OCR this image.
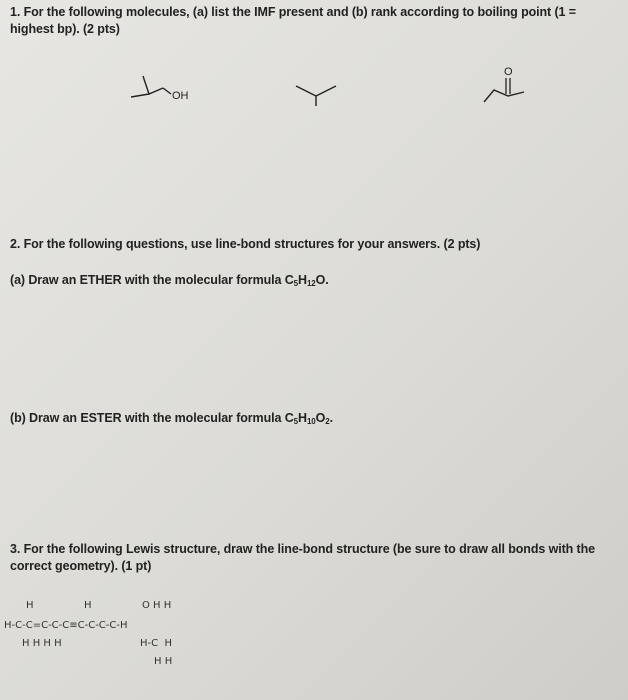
1. For the following molecules, (a) list the IMF present and (b) rank according to boiling point (1 = highest bp). (2 pts)
OH
O
2. For the following questions, use line-bond structures for your answers. (2 pts)
(a) Draw an ETHER with the molecular formula $C_5H_{12}O$.
(b) Draw an ESTER with the molecular formula $C_5H_{10}O_2$.
3. For the following Lewis structure, draw the line-bond structure (be sure to draw all bonds with the correct geometry). (1 pt)
H	H	O H H
H-C-C=C-C-C≡C-C-C-C-H
H H H H	H-C  H
H H
